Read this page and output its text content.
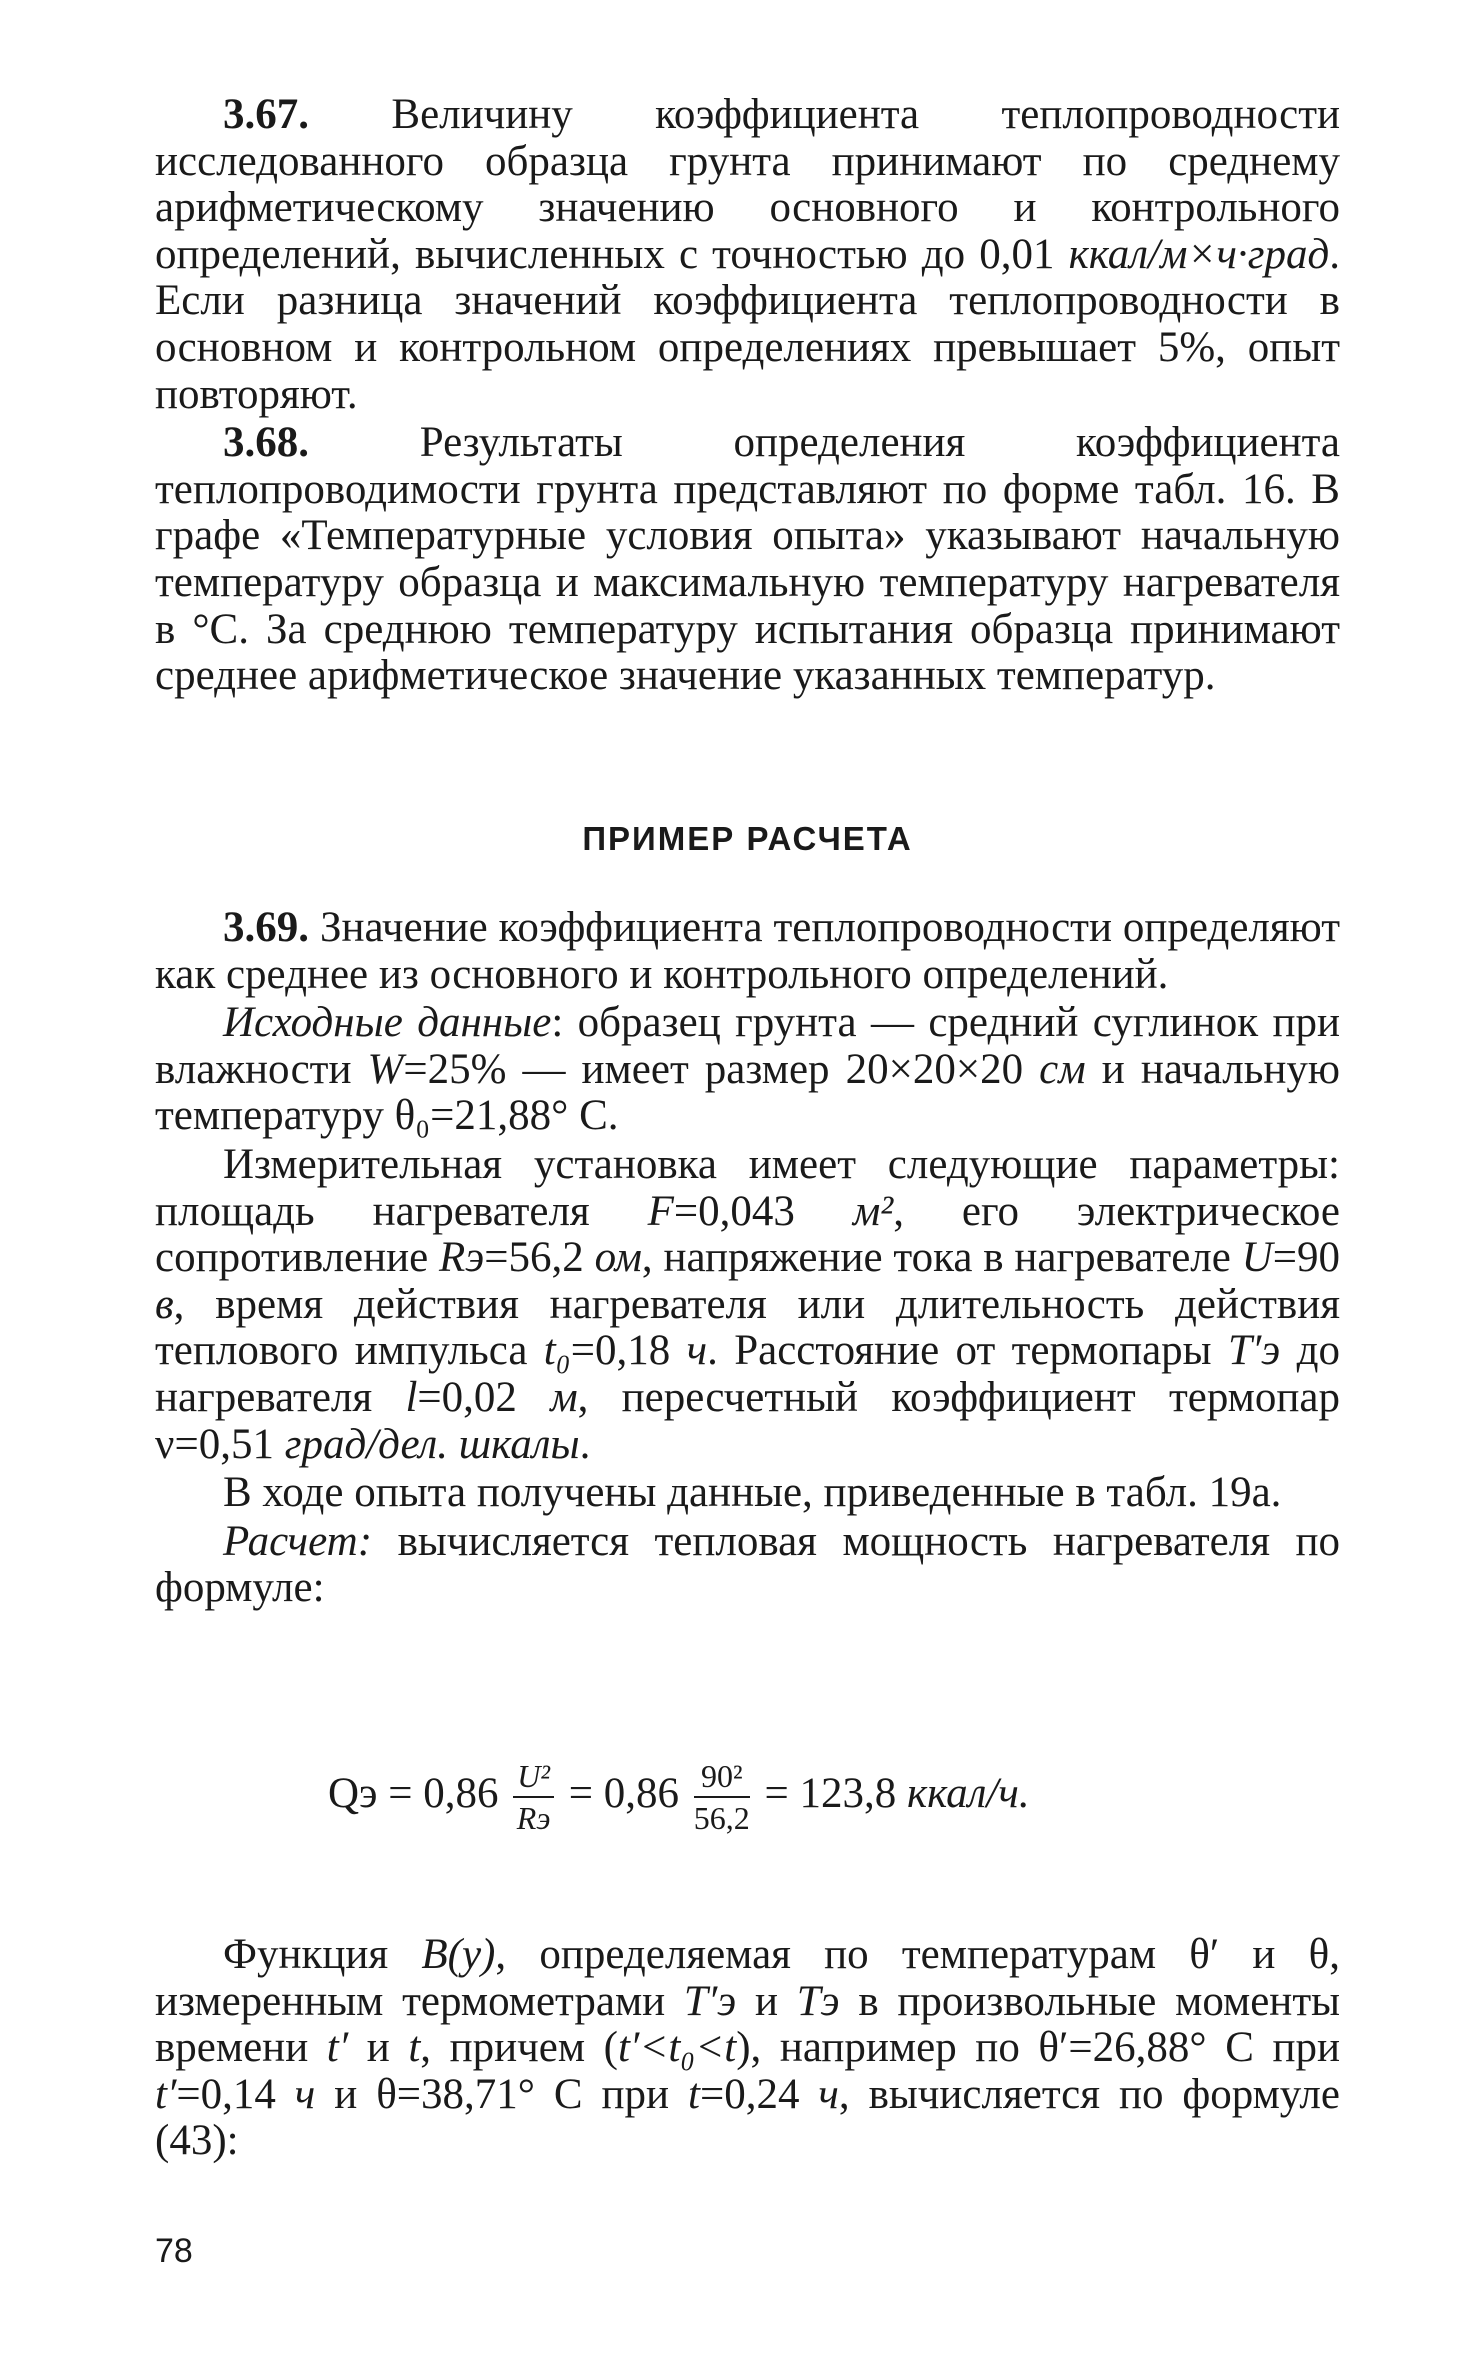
3.67. Величину коэффициента теплопроводности исследованного образца грунта принимают по среднему арифметическому значению основного и контрольного определений, вычисленных с точностью до 0,01 ккал/м×ч·град. Если разница значений коэффициента теплопроводности в основном и контрольном определениях превышает 5%, опыт повторяют.

3.68. Результаты определения коэффициента теплопроводимости грунта представляют по форме табл. 16. В графе «Температурные условия опыта» указывают начальную температуру образца и максимальную температуру нагревателя в °С. За среднюю температуру испытания образца принимают среднее арифметическое значение указанных температур.

ПРИМЕР РАСЧЕТА

3.69. Значение коэффициента теплопроводности определяют как среднее из основного и контрольного определений.

Исходные данные: образец грунта — средний суглинок при влажности W=25% — имеет размер 20×20×20 см и начальную температуру θ₀=21,88° С.

Измерительная установка имеет следующие параметры: площадь нагревателя F=0,043 м², его электрическое сопротивление Rэ=56,2 ом, напряжение тока в нагревателе U=90 в, время действия нагревателя или длительность действия теплового импульса t₀=0,18 ч. Расстояние от термопары T′э до нагревателя l=0,02 м, пересчетный коэффициент термопар ν=0,51 град/дел. шкалы.

В ходе опыта получены данные, приведенные в табл. 19а.

Расчет: вычисляется тепловая мощность нагревателя по формуле:

Qэ = $0,86 \frac{\text{U²}}{Rэ} = 0,86 \frac{\text{90²}}{56,2} = 123,8$ ккал/ч.

Функция B(y), определяемая по температурам θ′ и θ, измеренным термометрами T′э и Tэ в произвольные моменты времени t′ и t, причем (t′<t₀<t), например по θ′=26,88° С при t′=0,14 ч и θ=38,71° С при t=0,24 ч, вычисляется по формуле (43):

78
